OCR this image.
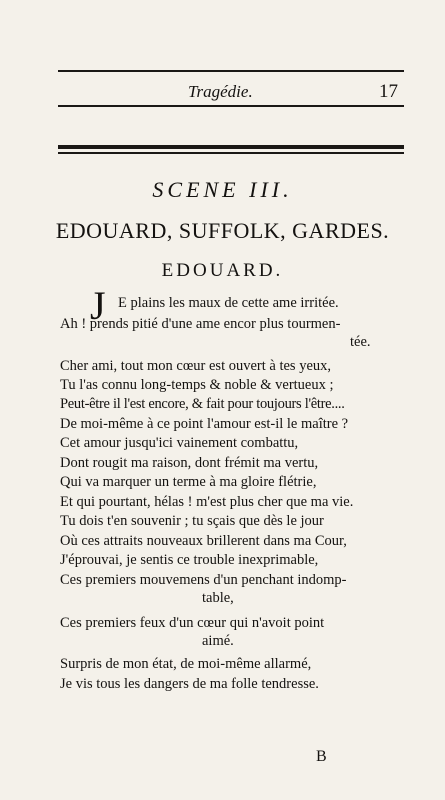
Tragédie.	17
SCENE III.
EDOUARD, SUFFOLK, GARDES.
EDOUARD.
J E plains les maux de cette ame irritée.
Ah ! prends pitié d'une ame encor plus tourmen-
tée.
Cher ami, tout mon cœur est ouvert à tes yeux,
Tu l'as connu long-temps & noble & vertueux ;
Peut-être il l'est encore, & fait pour toujours l'être....
De moi-même à ce point l'amour est-il le maître ?
Cet amour jusqu'ici vainement combattu,
Dont rougit ma raison, dont frémit ma vertu,
Qui va marquer un terme à ma gloire flétrie,
Et qui pourtant, hélas ! m'est plus cher que ma vie.
Tu dois t'en souvenir ; tu sçais que dès le jour
Où ces attraits nouveaux brillerent dans ma Cour,
J'éprouvai, je sentis ce trouble inexprimable,
Ces premiers mouvemens d'un penchant indomp-
table,
Ces premiers feux d'un cœur qui n'avoit point
aimé.
Surpris de mon état, de moi-même allarmé,
Je vis tous les dangers de ma folle tendresse.
B
